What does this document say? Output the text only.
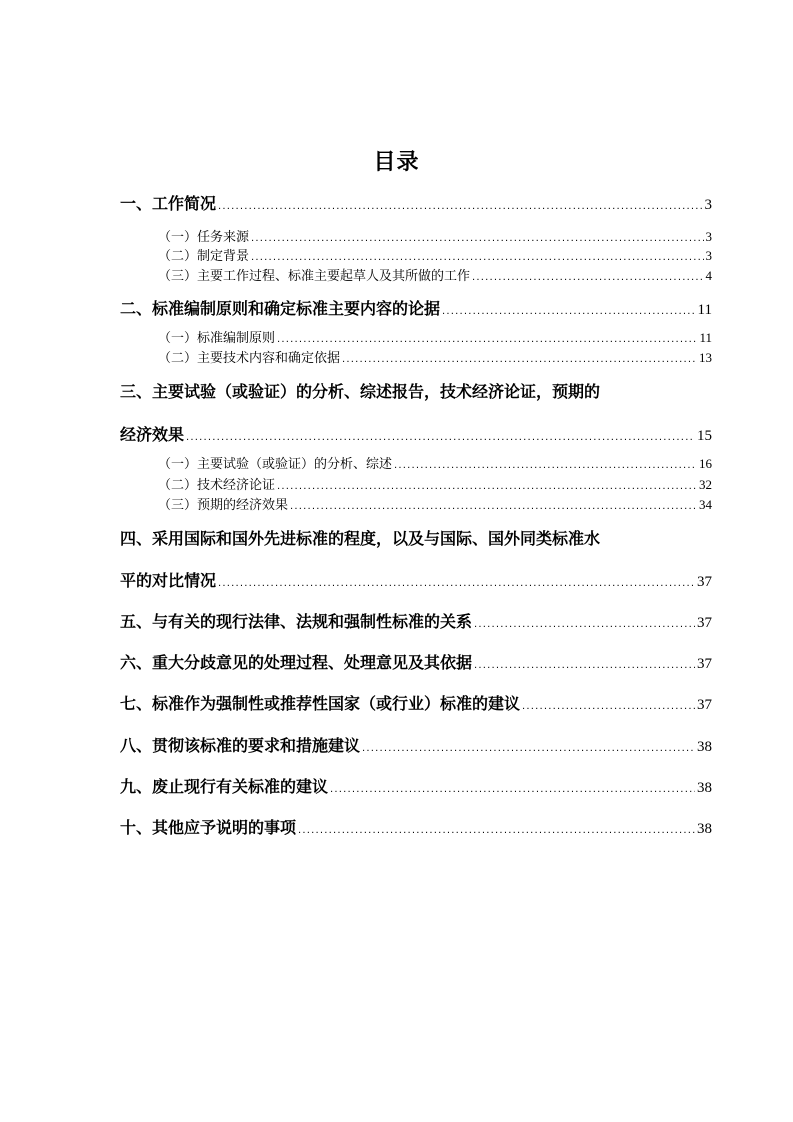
目录
一、工作简况 .....	3
（一）任务来源 .....	3
（二）制定背景 .....	3
（三）主要工作过程、标准主要起草人及其所做的工作 .....	4
二、标准编制原则和确定标准主要内容的论据 .....	11
（一）标准编制原则 .....	11
（二）主要技术内容和确定依据 .....	13
三、主要试验（或验证）的分析、综述报告，技术经济论证，预期的
经济效果 .....	15
（一）主要试验（或验证）的分析、综述 .....	16
（二）技术经济论证 .....	32
（三）预期的经济效果 .....	34
四、采用国际和国外先进标准的程度，以及与国际、国外同类标准水
平的对比情况 .....	37
五、与有关的现行法律、法规和强制性标准的关系 .....	37
六、重大分歧意见的处理过程、处理意见及其依据 .....	37
七、标准作为强制性或推荐性国家（或行业）标准的建议 .....	37
八、贯彻该标准的要求和措施建议 .....	38
九、废止现行有关标准的建议 .....	38
十、其他应予说明的事项 .....	38
